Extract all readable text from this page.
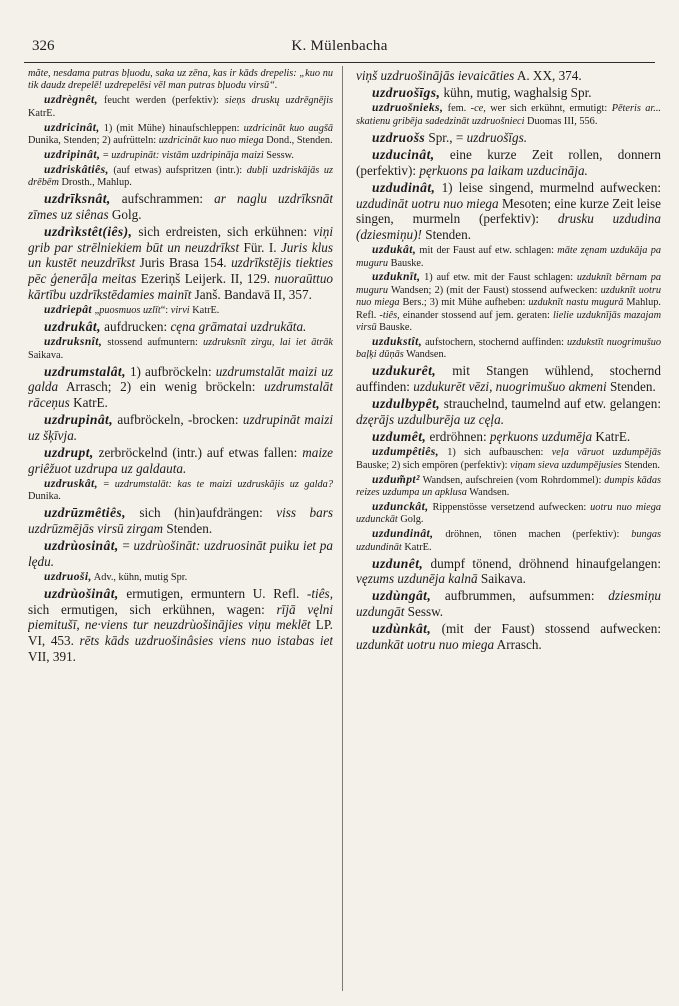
326	K. Mülenbacha

mãte, nesdama putras bļuodu, saka uz zēna, kas ir kāds drepelis: „kuo nu tik daudz drepelē! uzdrepelēsi vēl man putras bļuodu virsū“.

uzdrègnêt, feucht werden (perfektiv): sieņs druskų uzdrēgnējis KatrE.

uzdricinât, 1) (mit Mühe) hinaufschleppen: uzdricināt kuo augšā Dunika, Stenden; 2) aufrütteln: uzdricināt kuo nuo miega Dond., Stenden.

uzdripinât, = uzdrupināt: vistām uzdripināja maizi Sessw.

uzdriskâtiês, (auf etwas) aufspritzen (intr.): dubļi uzdriskājās uz drēbēm Drosth., Mahlup.

uzdrīksnât, aufschrammen: ar naglu uzdrīksnāt zīmes uz siênas Golg.

uzdrìkstêt(iês), sich erdreisten, sich erkühnen: viņi grib par strēlniekiem būt un neuzdrīkst Für. I. Juris klus un kustēt neuzdrīkst Juris Brasa 154. uzdrīkstējis tiekties pēc ģenerāļa meitas Ezeriņš Leijerk. II, 129. nuoraūttuo kārtību uzdrīkstēdamies mainīt Janš. Bandavā II, 357.

uzdriepât „puosmuos uzlīt“: virvi KatrE.

uzdrukât, aufdrucken: cęna grāmatai uzdrukāta.

uzdruksnît, stossend aufmuntern: uzdruksnīt zirgu, lai iet ātrāk Saikava.

uzdrumstalât, 1) aufbröckeln: uzdrumstalāt maizi uz galda Arrasch; 2) ein wenig bröckeln: uzdrumstalāt rāceņus KatrE.

uzdrupinât, aufbröckeln, -brocken: uzdrupināt maizi uz šķīvja.

uzdrupt, zerbröckelnd (intr.) auf etwas fallen: maize griêžuot uzdrupa uz galdauta.

uzdruskât, = uzdrumstalāt: kas te maizi uzdruskājis uz galda? Dunika.

uzdrūzmêtiês, sich (hin)aufdrängen: viss bars uzdrūzmējās virsū zirgam Stenden.

uzdrùosinât, = uzdrùošināt: uzdruosināt puiku iet pa lędu.

uzdruoši, Adv., kühn, mutig Spr.

uzdrùošinât, ermutigen, ermuntern U. Refl. -tiês, sich ermutigen, sich erkühnen, wagen: rījā vęlni piemitušī, ne·viens tur neuzdrùošinājies viņu meklēt LP. VI, 453. rēts kāds uzdruošinâsies viens nuo istabas iet VII, 391.

viņš uzdruošinājās ievaicāties A. XX, 374.

uzdruošīgs, kühn, mutig, waghalsig Spr.

uzdruošnieks, fem. -ce, wer sich erkühnt, ermutigt: Pēteris ar... skatienu gribēja sadedzināt uzdruošnieci Duomas III, 556.

uzdruošs Spr., = uzdruošīgs.

uzducinât, eine kurze Zeit rollen, donnern (perfektiv): pęrkuons pa laikam uzducināja.

uzdudinât, 1) leise singend, murmelnd aufwecken: uzdudināt uotru nuo miega Mesoten; eine kurze Zeit leise singen, murmeln (perfektiv): drusku uzdudina (dziesmiņu)! Stenden.

uzdukât, mit der Faust auf etw. schlagen: māte zęnam uzdukāja pa muguru Bauske.

uzduknīt, 1) auf etw. mit der Faust schlagen: uzduknīt bērnam pa muguru Wandsen; 2) (mit der Faust) stossend aufwecken: uzduknīt uotru nuo miega Bers.; 3) mit Mühe aufheben: uzduknīt nastu mugurā Mahlup. Refl. -tiês, einander stossend auf jem. geraten: lielie uzduknījās mazajam virsū Bauske.

uzdukstît, aufstochern, stochernd auffinden: uzdukstīt nuogrimušuo baļķi dūņās Wandsen.

uzdukurêt, mit Stangen wühlend, stochernd auffinden: uzdukurēt vēzi, nuogrimušuo akmeni Stenden.

uzdulbурêt, strauchelnd, taumelnd auf etw. gelangen: dzęrājs uzdulburēja uz cęļa.

uzdumêt, erdröhnen: pęrkuons uzdumēja KatrE.

uzdumpêtiês, 1) sich aufbauschen: veļa vāruot uzdumpējās Bauske; 2) sich empören (perfektiv): viņam sieva uzdumpējusies Stenden.

uzdum̃pt² Wandsen, aufschreien (vom Rohrdommel): dumpis kādas reizes uzdumpa un apklusa Wandsen.

uzdunckât, Rippenstösse versetzend aufwecken: uotru nuo miega uzdunckāt Golg.

uzdundinât, dröhnen, tönen machen (perfektiv): bungas uzdundināt KatrE.

uzdunêt, dumpf tönend, dröhnend hinaufgelangen: vęzums uzdunēja kalnā Saikava.

uzdùngât, aufbrummen, aufsummen: dziesmiņu uzdungāt Sessw.

uzdùnkât, (mit der Faust) stossend aufwecken: uzdunkāt uotru nuo miega Arrasch.
